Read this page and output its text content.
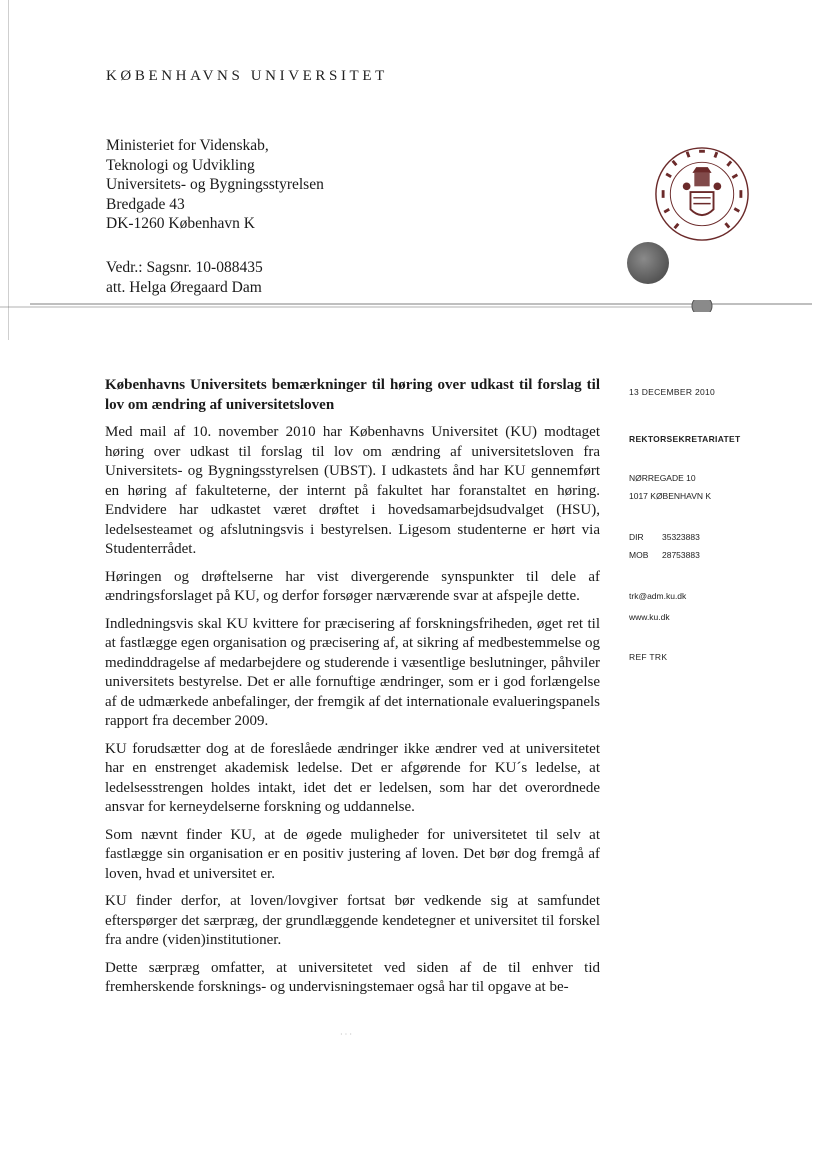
KØBENHAVNS UNIVERSITET
Ministeriet for Videnskab,
Teknologi og Udvikling
Universitets- og Bygningsstyrelsen
Bredgade 43
DK-1260 København K
Vedr.: Sagsnr. 10-088435
att. Helga Øregaard Dam

Københavns Universitets bemærkninger til høring over udkast til forslag til lov om ændring af universitetsloven

Med mail af 10. november 2010 har Københavns Universitet (KU) modtaget høring over udkast til forslag til lov om ændring af universitetsloven fra Universitets- og Bygningsstyrelsen (UBST). I udkastets ånd har KU gennemført en høring af fakulteterne, der internt på fakultet har foranstaltet en høring. Endvidere har udkastet været drøftet i hovedsamarbejdsudvalget (HSU), ledelsesteamet og afslutningsvis i bestyrelsen. Ligesom studenterne er hørt via Studenterrådet.

Høringen og drøftelserne har vist divergerende synspunkter til dele af ændringsforslaget på KU, og derfor forsøger nærværende svar at afspejle dette.

Indledningsvis skal KU kvittere for præcisering af forskningsfriheden, øget ret til at fastlægge egen organisation og præcisering af, at sikring af medbestemmelse og medinddragelse af medarbejdere og studerende i væsentlige beslutninger, påhviler universitets bestyrelse. Det er alle fornuftige ændringer, som er i god forlængelse af de udmærkede anbefalinger, der fremgik af det internationale evalueringspanels rapport fra december 2009.

KU forudsætter dog at de foreslåede ændringer ikke ændrer ved at universitetet har en enstrenget akademisk ledelse. Det er afgørende for KU´s ledelse, at ledelsesstrengen holdes intakt, idet det er ledelsen, som har det overordnede ansvar for kerneydelserne forskning og uddannelse.

Som nævnt finder KU, at de øgede muligheder for universitetet til selv at fastlægge sin organisation er en positiv justering af loven. Det bør dog fremgå af loven, hvad et universitet er.

KU finder derfor, at loven/lovgiver fortsat bør vedkende sig at samfundet efterspørger det særpræg, der grundlæggende kendetegner et universitet til forskel fra andre (viden)institutioner.

Dette særpræg omfatter, at universitetet ved siden af de til enhver tid fremherskende forsknings- og undervisningstemaer også har til opgave at be-

13 DECEMBER 2010
REKTORSEKRETARIATET
NØRREGADE 10
1017 KØBENHAVN K
DIR 35323883
MOB 28753883
trk@adm.ku.dk
www.ku.dk
REF TRK
· · ·
